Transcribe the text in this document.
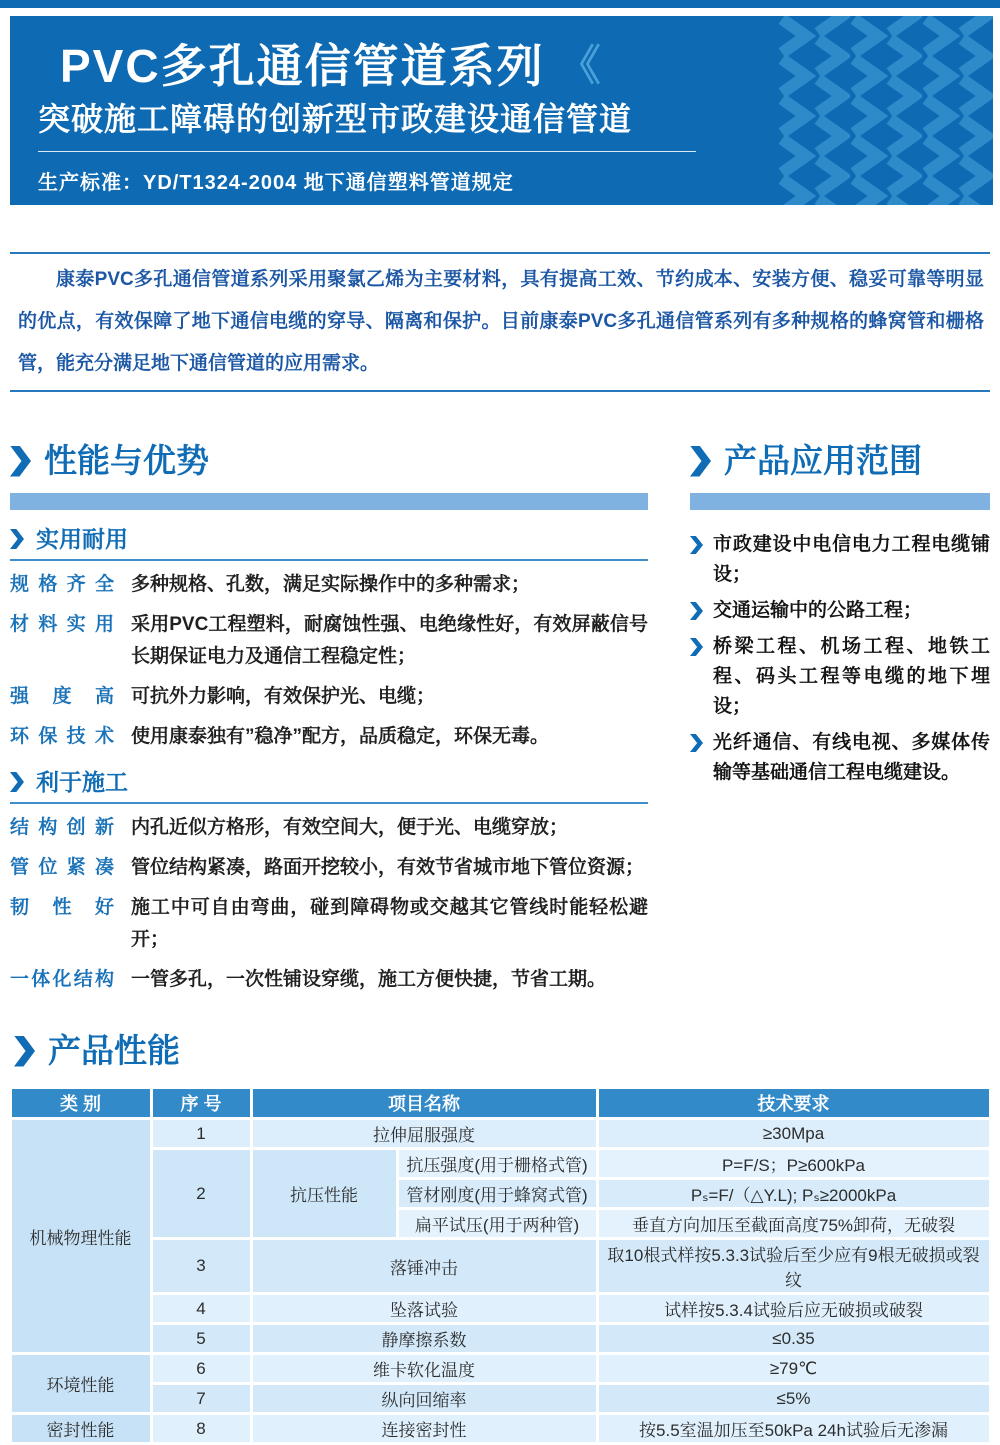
PVC多孔通信管道系列 《
突破施工障碍的创新型市政建设通信管道
生产标准：YD/T1324-2004 地下通信塑料管道规定

康泰PVC多孔通信管道系列采用聚氯乙烯为主要材料，具有提高工效、节约成本、安装方便、稳妥可靠等明显的优点，有效保障了地下通信电缆的穿导、隔离和保护。目前康泰PVC多孔通信管系列有多种规格的蜂窝管和栅格管，能充分满足地下通信管道的应用需求。

性能与优势
实用耐用
规格齐全 多种规格、孔数，满足实际操作中的多种需求；
材料实用 采用PVC工程塑料，耐腐蚀性强、电绝缘性好，有效屏蔽信号长期保证电力及通信工程稳定性；
强度高 可抗外力影响，有效保护光、电缆；
环保技术 使用康泰独有”稳净”配方，品质稳定，环保无毒。
利于施工
结构创新 内孔近似方格形，有效空间大，便于光、电缆穿放；
管位紧凑 管位结构紧凑，路面开挖较小，有效节省城市地下管位资源；
韧性好 施工中可自由弯曲，碰到障碍物或交越其它管线时能轻松避开；
一体化结构 一管多孔，一次性铺设穿缆，施工方便快捷，节省工期。
产品应用范围
市政建设中电信电力工程电缆铺设；
交通运输中的公路工程；
桥梁工程、机场工程、地铁工程、码头工程等电缆的地下埋设；
光纤通信、有线电视、多媒体传输等基础通信工程电缆建设。
产品性能
类 别	序 号	项目名称		技术要求
机械物理性能	1	拉伸屈服强度		≥30Mpa
	2	抗压性能	抗压强度(用于栅格式管)	P=F/S；P≥600kPa
			管材刚度(用于蜂窝式管)	Pₛ=F/（△Y.L); Pₛ≥2000kPa
			扁平试压(用于两种管)	垂直方向加压至截面高度75%卸荷，无破裂
	3	落锤冲击		取10根式样按5.3.3试验后至少应有9根无破损或裂纹
	4	坠落试验		试样按5.3.4试验后应无破损或破裂
	5	静摩擦系数		≤0.35
环境性能	6	维卡软化温度		≥79℃
	7	纵向回缩率		≤5%
密封性能	8	连接密封性		按5.5室温加压至50kPa 24h试验后无渗漏
